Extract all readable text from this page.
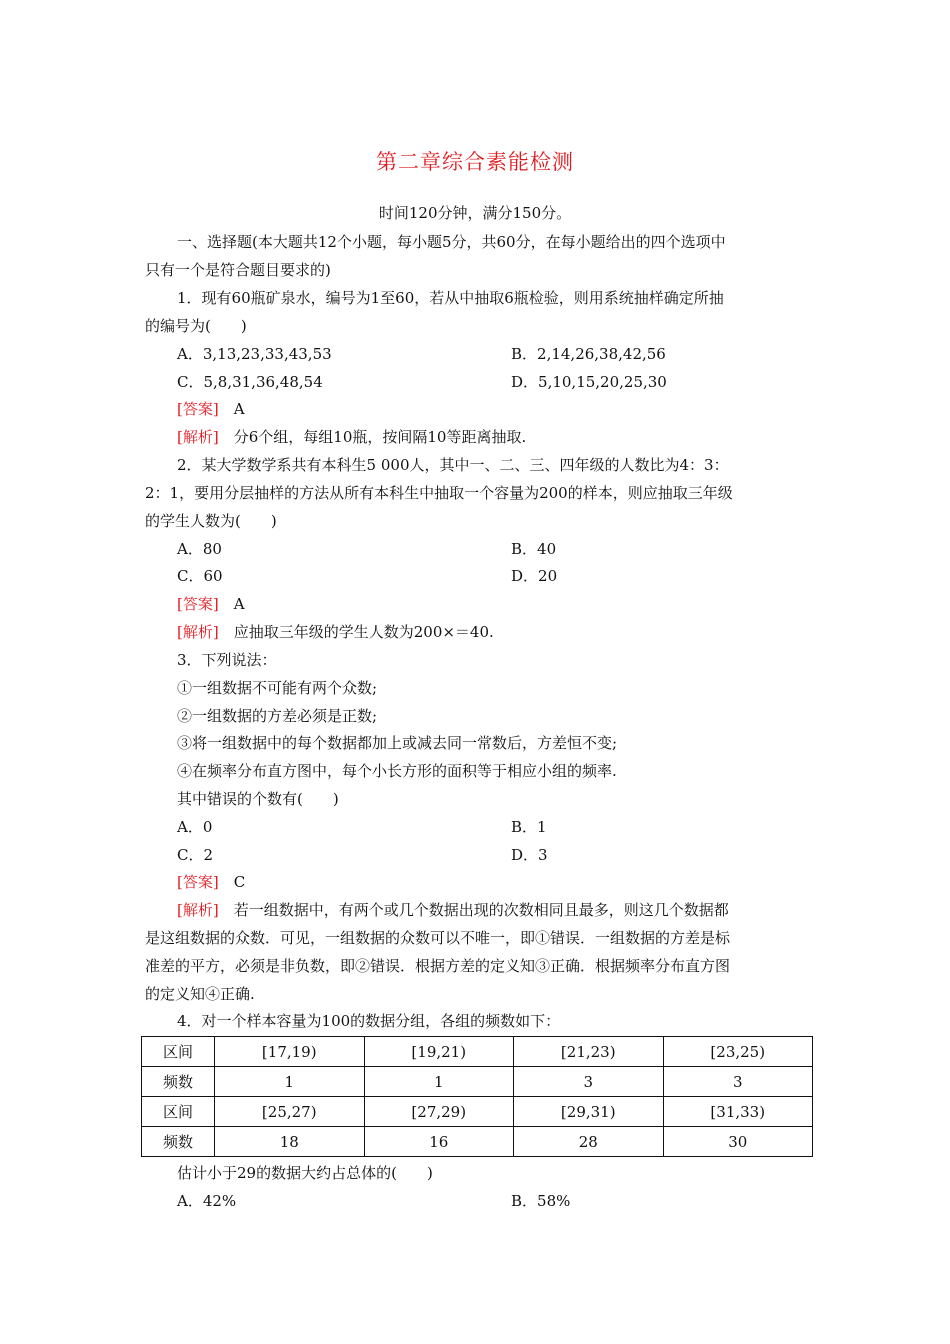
第二章综合素能检测
时间120分钟，满分150分。
一、选择题(本大题共12个小题，每小题5分，共60分，在每小题给出的四个选项中
只有一个是符合题目要求的)
1．现有60瓶矿泉水，编号为1至60，若从中抽取6瓶检验，则用系统抽样确定所抽
的编号为(　　)
A．3,13,23,33,43,53	B．2,14,26,38,42,56
C．5,8,31,36,48,54	D．5,10,15,20,25,30
[答案]　 A
[解析]　 分6个组，每组10瓶，按间隔10等距离抽取.
2．某大学数学系共有本科生5 000人，其中一、二、三、四年级的人数比为4：3：
2：1，要用分层抽样的方法从所有本科生中抽取一个容量为200的样本，则应抽取三年级
的学生人数为(　　)
A．80	B．40
C．60	D．20
[答案]　 A
[解析]　 应抽取三年级的学生人数为200×＝40.
3．下列说法：
①一组数据不可能有两个众数;
②一组数据的方差必须是正数;
③将一组数据中的每个数据都加上或减去同一常数后，方差恒不变;
④在频率分布直方图中，每个小长方形的面积等于相应小组的频率.
其中错误的个数有(　　)
A．0	B．1
C．2	D．3
[答案]　 C
[解析]　 若一组数据中，有两个或几个数据出现的次数相同且最多，则这几个数据都
是这组数据的众数．可见，一组数据的众数可以不唯一，即①错误．一组数据的方差是标
准差的平方，必须是非负数，即②错误．根据方差的定义知③正确．根据频率分布直方图
的定义知④正确.
4．对一个样本容量为100的数据分组，各组的频数如下：
区间	[17,19)	[19,21)	[21,23)	[23,25)
频数	1	1	3	3
区间	[25,27)	[27,29)	[29,31)	[31,33)
频数	18	16	28	30
估计小于29的数据大约占总体的(　　)
A．42%	B．58%
